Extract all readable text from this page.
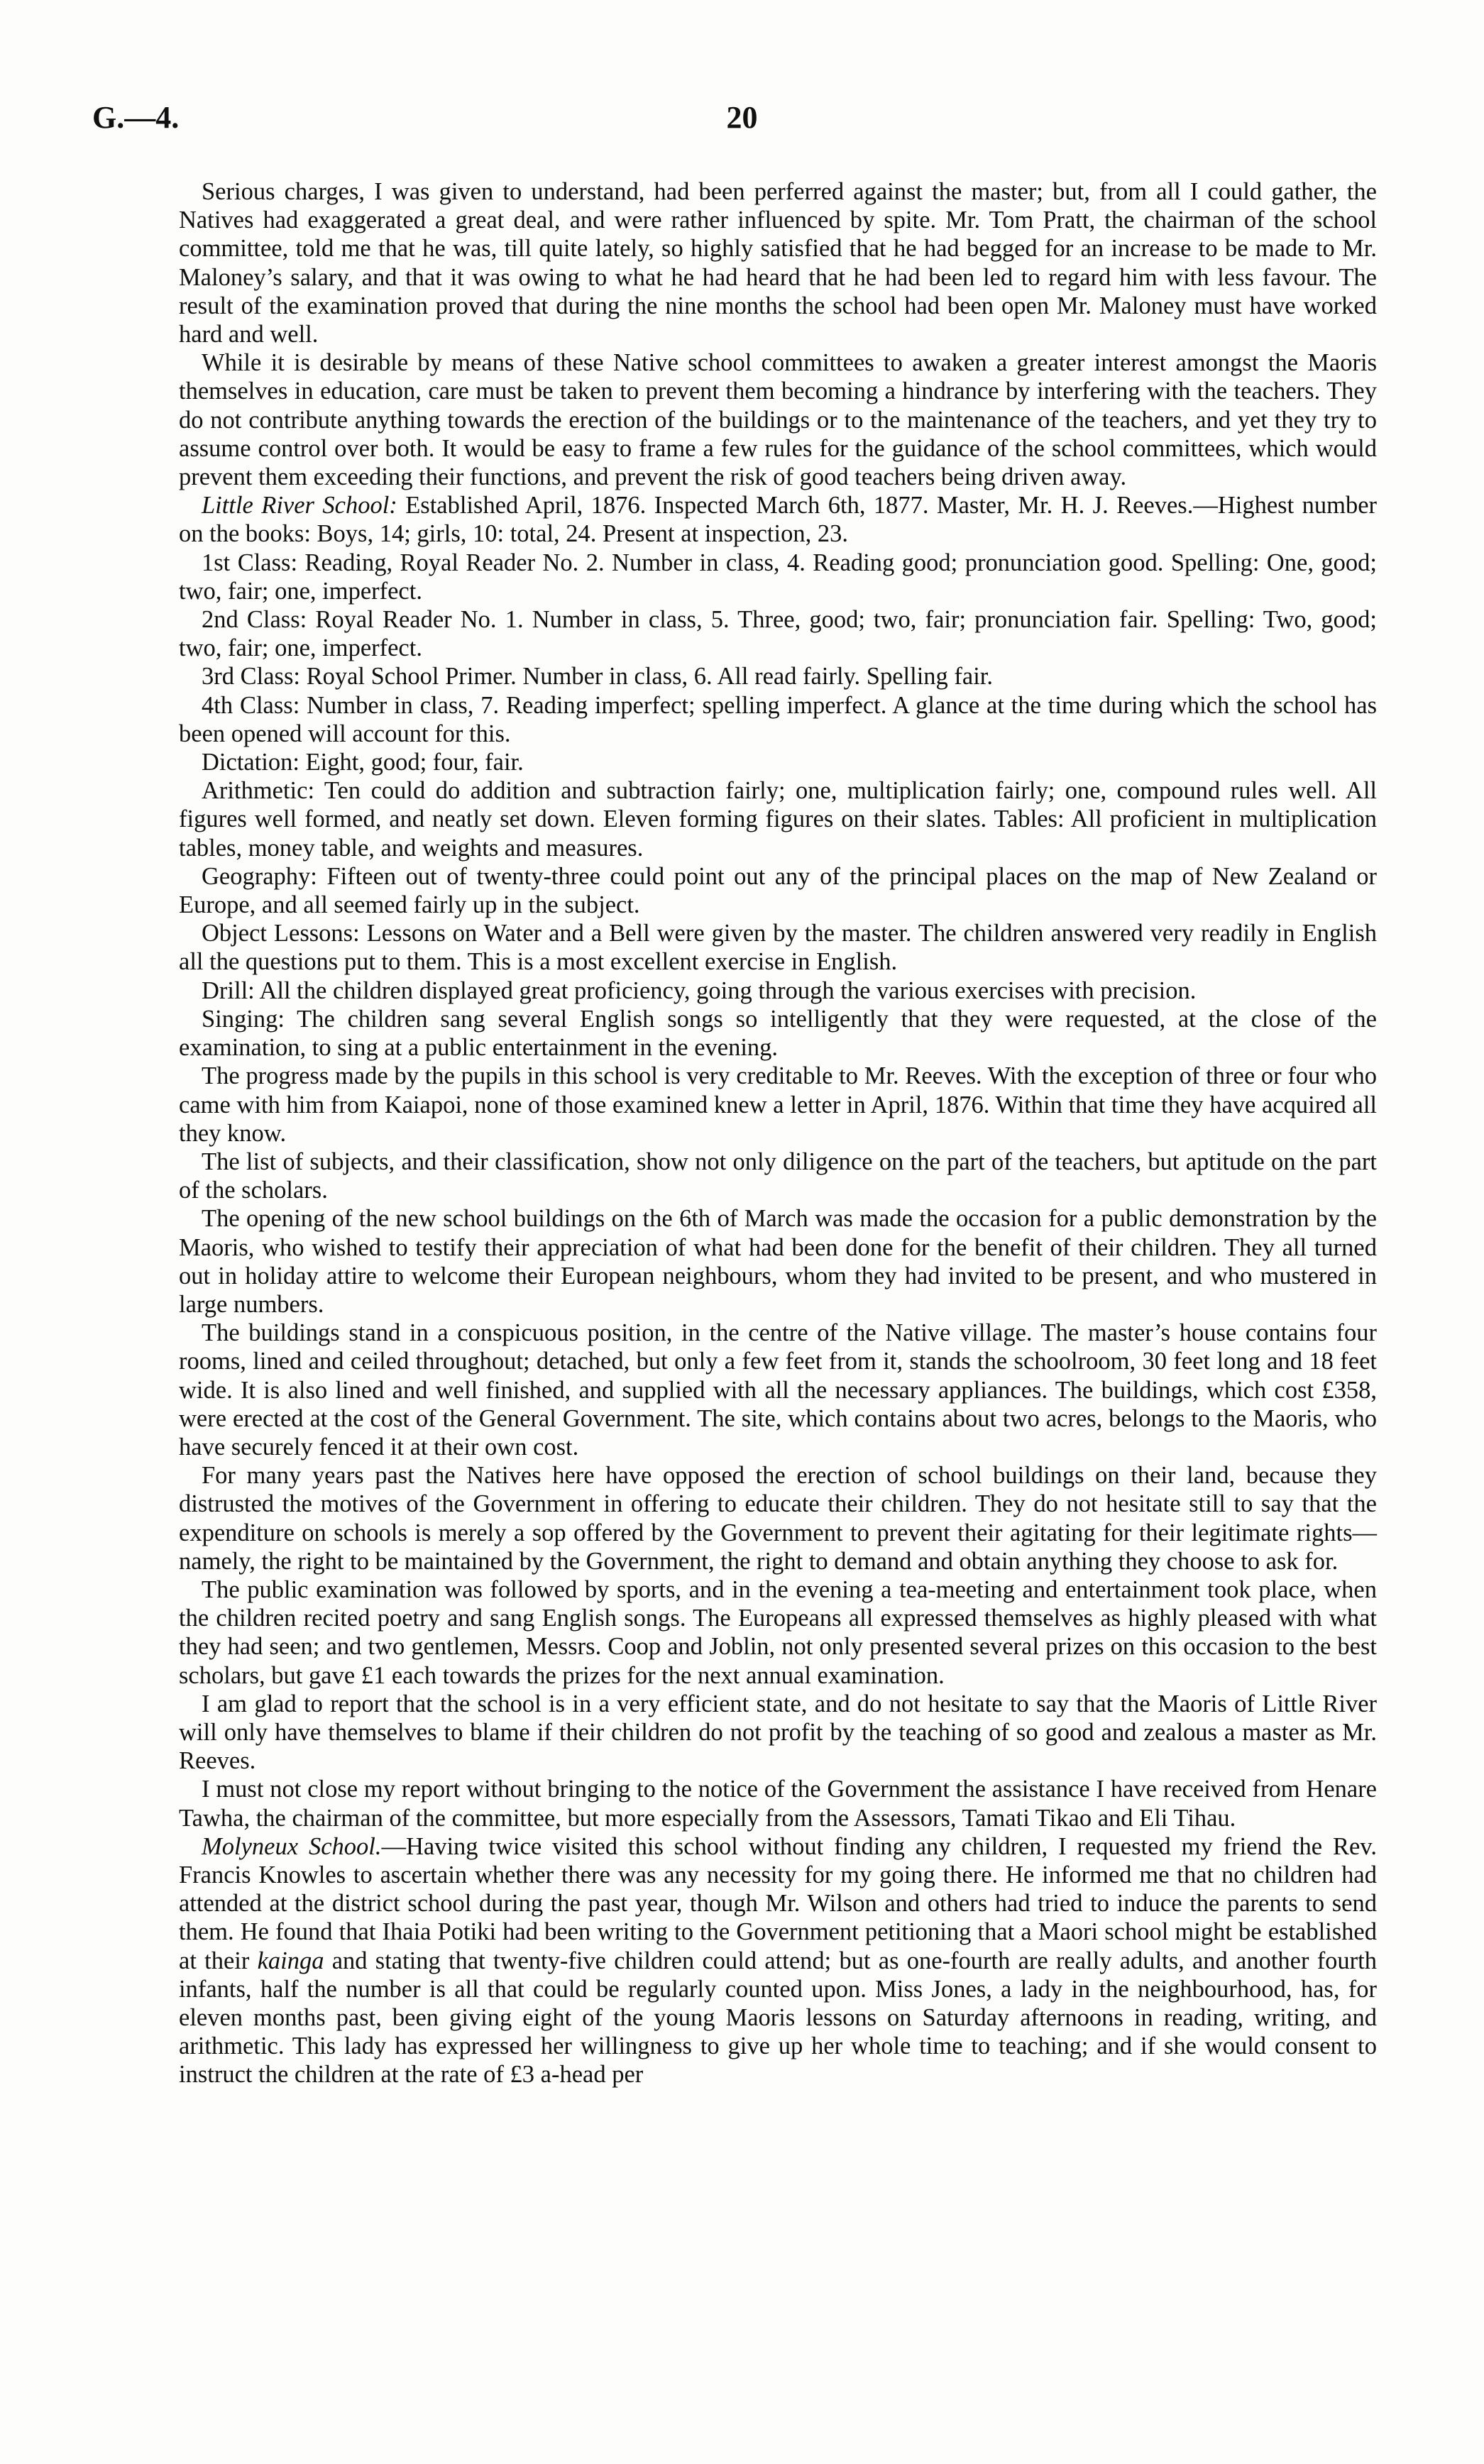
G.—4.	20

Serious charges, I was given to understand, had been perferred against the master; but, from all I could gather, the Natives had exaggerated a great deal, and were rather influenced by spite. Mr. Tom Pratt, the chairman of the school committee, told me that he was, till quite lately, so highly satisfied that he had begged for an increase to be made to Mr. Maloney’s salary, and that it was owing to what he had heard that he had been led to regard him with less favour. The result of the examination proved that during the nine months the school had been open Mr. Maloney must have worked hard and well.

While it is desirable by means of these Native school committees to awaken a greater interest amongst the Maoris themselves in education, care must be taken to prevent them becoming a hindrance by interfering with the teachers. They do not contribute anything towards the erection of the buildings or to the maintenance of the teachers, and yet they try to assume control over both. It would be easy to frame a few rules for the guidance of the school committees, which would prevent them exceeding their functions, and prevent the risk of good teachers being driven away.

Little River School: Established April, 1876. Inspected March 6th, 1877. Master, Mr. H. J. Reeves.—Highest number on the books: Boys, 14; girls, 10: total, 24. Present at inspection, 23.

1st Class: Reading, Royal Reader No. 2. Number in class, 4. Reading good; pronunciation good. Spelling: One, good; two, fair; one, imperfect.

2nd Class: Royal Reader No. 1. Number in class, 5. Three, good; two, fair; pronunciation fair. Spelling: Two, good; two, fair; one, imperfect.

3rd Class: Royal School Primer. Number in class, 6. All read fairly. Spelling fair.

4th Class: Number in class, 7. Reading imperfect; spelling imperfect. A glance at the time during which the school has been opened will account for this.

Dictation: Eight, good; four, fair.

Arithmetic: Ten could do addition and subtraction fairly; one, multiplication fairly; one, compound rules well. All figures well formed, and neatly set down. Eleven forming figures on their slates. Tables: All proficient in multiplication tables, money table, and weights and measures.

Geography: Fifteen out of twenty-three could point out any of the principal places on the map of New Zealand or Europe, and all seemed fairly up in the subject.

Object Lessons: Lessons on Water and a Bell were given by the master. The children answered very readily in English all the questions put to them. This is a most excellent exercise in English.

Drill: All the children displayed great proficiency, going through the various exercises with precision.

Singing: The children sang several English songs so intelligently that they were requested, at the close of the examination, to sing at a public entertainment in the evening.

The progress made by the pupils in this school is very creditable to Mr. Reeves. With the exception of three or four who came with him from Kaiapoi, none of those examined knew a letter in April, 1876. Within that time they have acquired all they know.

The list of subjects, and their classification, show not only diligence on the part of the teachers, but aptitude on the part of the scholars.

The opening of the new school buildings on the 6th of March was made the occasion for a public demonstration by the Maoris, who wished to testify their appreciation of what had been done for the benefit of their children. They all turned out in holiday attire to welcome their European neighbours, whom they had invited to be present, and who mustered in large numbers.

The buildings stand in a conspicuous position, in the centre of the Native village. The master’s house contains four rooms, lined and ceiled throughout; detached, but only a few feet from it, stands the schoolroom, 30 feet long and 18 feet wide. It is also lined and well finished, and supplied with all the necessary appliances. The buildings, which cost £358, were erected at the cost of the General Government. The site, which contains about two acres, belongs to the Maoris, who have securely fenced it at their own cost.

For many years past the Natives here have opposed the erection of school buildings on their land, because they distrusted the motives of the Government in offering to educate their children. They do not hesitate still to say that the expenditure on schools is merely a sop offered by the Government to prevent their agitating for their legitimate rights—namely, the right to be maintained by the Government, the right to demand and obtain anything they choose to ask for.

The public examination was followed by sports, and in the evening a tea-meeting and entertainment took place, when the children recited poetry and sang English songs. The Europeans all expressed themselves as highly pleased with what they had seen; and two gentlemen, Messrs. Coop and Joblin, not only presented several prizes on this occasion to the best scholars, but gave £1 each towards the prizes for the next annual examination.

I am glad to report that the school is in a very efficient state, and do not hesitate to say that the Maoris of Little River will only have themselves to blame if their children do not profit by the teaching of so good and zealous a master as Mr. Reeves.

I must not close my report without bringing to the notice of the Government the assistance I have received from Henare Tawha, the chairman of the committee, but more especially from the Assessors, Tamati Tikao and Eli Tihau.

Molyneux School.—Having twice visited this school without finding any children, I requested my friend the Rev. Francis Knowles to ascertain whether there was any necessity for my going there. He informed me that no children had attended at the district school during the past year, though Mr. Wilson and others had tried to induce the parents to send them. He found that Ihaia Potiki had been writing to the Government petitioning that a Maori school might be established at their kainga and stating that twenty-five children could attend; but as one-fourth are really adults, and another fourth infants, half the number is all that could be regularly counted upon. Miss Jones, a lady in the neighbourhood, has, for eleven months past, been giving eight of the young Maoris lessons on Saturday afternoons in reading, writing, and arithmetic. This lady has expressed her willingness to give up her whole time to teaching; and if she would consent to instruct the children at the rate of £3 a-head per
